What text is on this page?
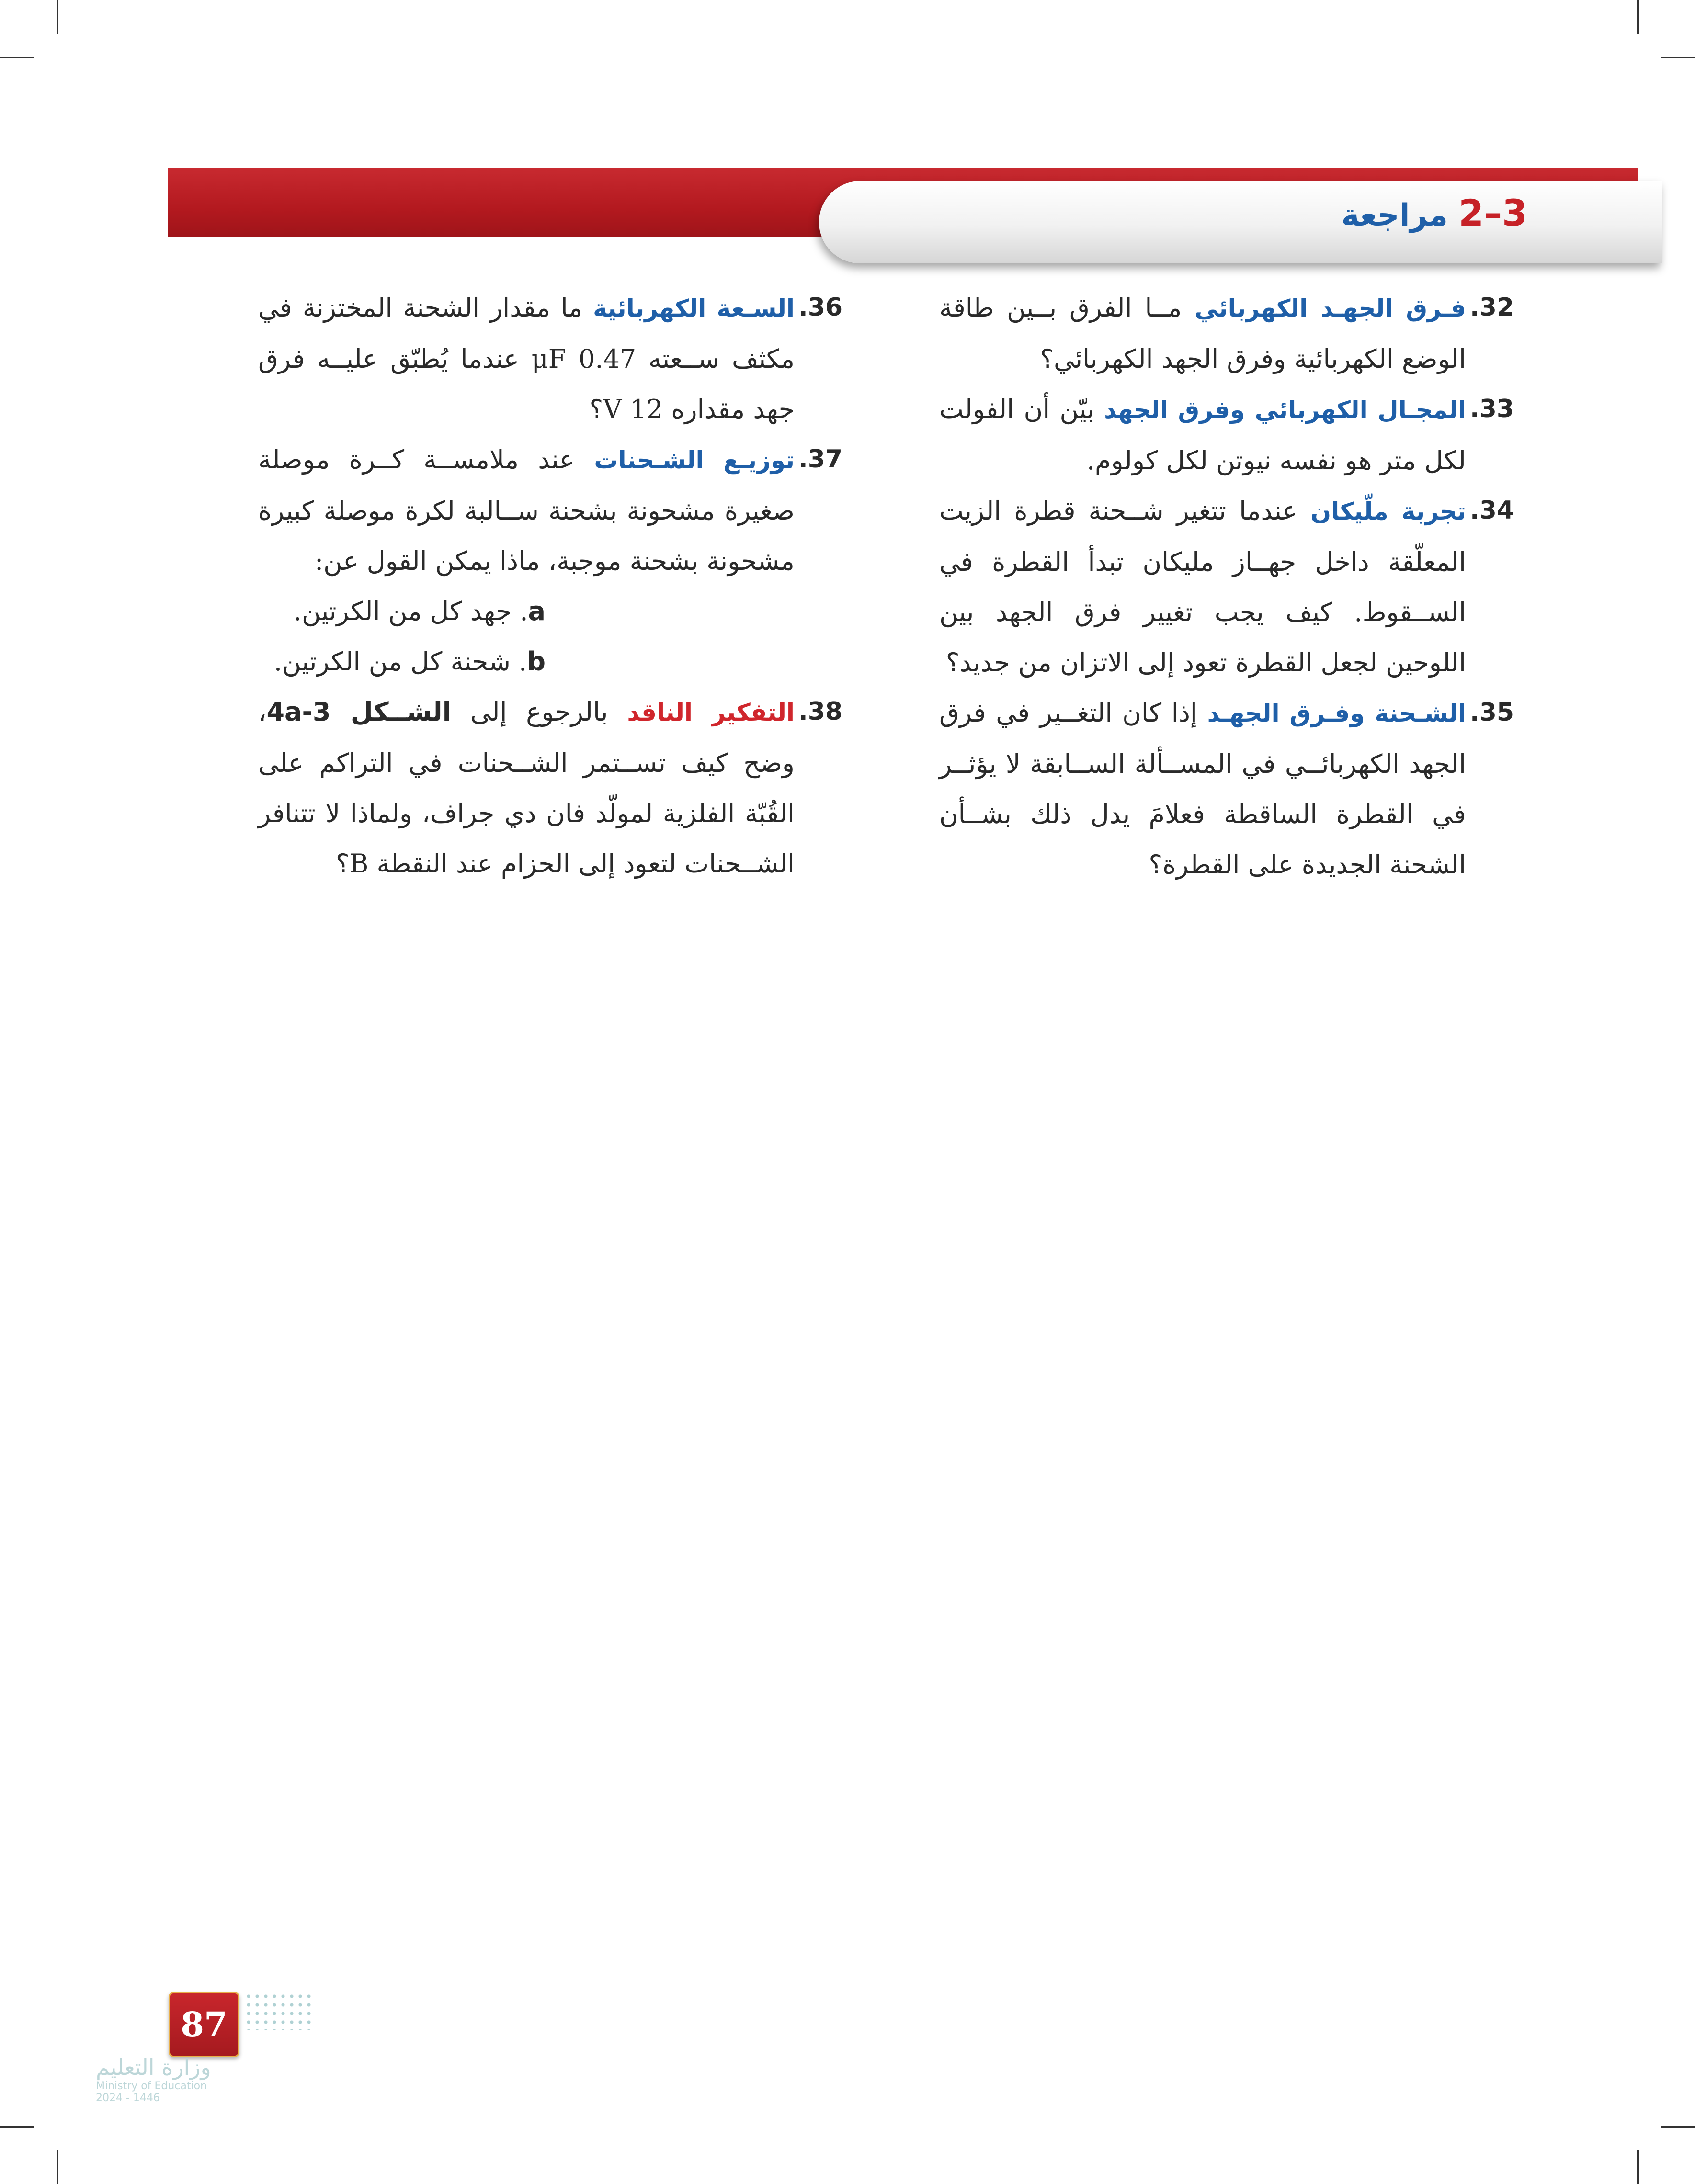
3–2 مراجعة
.32
فـرق الجهـد الكهربائي مــا الفرق بــين طاقة الوضع الكهربائية وفرق الجهد الكهربائي؟
.33
المجـال الكهربائي وفرق الجهد بيّن أن الفولت لكل متر هو نفسه نيوتن لكل كولوم.
.34
تجربة ملّيكان عندما تتغير شــحنة قطرة الزيت المعلّقة داخل جهــاز مليكان تبدأ القطرة في الســقوط. كيف يجب تغيير فرق الجهد بين اللوحين لجعل القطرة تعود إلى الاتزان من جديد؟
.35
الشـحنة وفـرق الجهـد إذا كان التغــير في فرق الجهد الكهربائــي في المســألة الســابقة لا يؤثــر في القطرة الساقطة فعلامَ يدل ذلك بشــأن الشحنة الجديدة على القطرة؟
.36
السـعة الكهربائية ما مقدار الشحنة المختزنة في مكثف ســعته 0.47 μF عندما يُطبّق عليــه فرق جهد مقداره 12 V؟
.37
توزيـع الشـحنات عند ملامســة كــرة موصلة صغيرة مشحونة بشحنة ســالبة لكرة موصلة كبيرة مشحونة بشحنة موجبة، ماذا يمكن القول عن:
a. جهد كل من الكرتين.
b. شحنة كل من الكرتين.
.38
التفكير الناقد بالرجوع إلى الشــكل 3-4a، وضح كيف تســتمر الشــحنات في التراكم على القُبّة الفلزية لمولّد فان دي جراف، ولماذا لا تتنافر الشــحنات لتعود إلى الحزام عند النقطة B؟
87
وزارة التعليم
Ministry of Education
2024 - 1446
